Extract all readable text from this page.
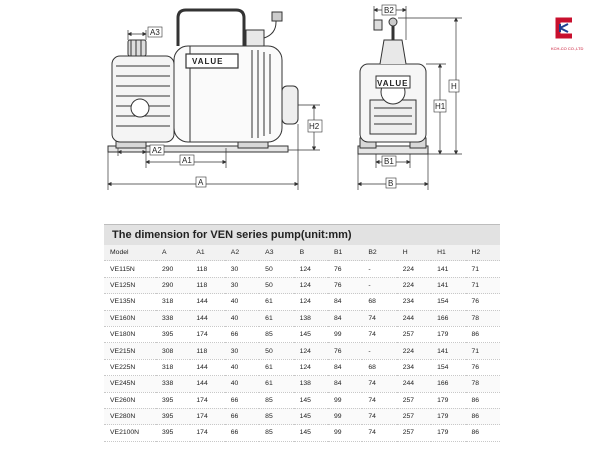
VALUE
A3
A2
A1
A
H2
VALUE
B2
B1
B
H
H1
KCH-CO CO.,LTD
The dimension for VEN series pump(unit:mm)
Model	A	A1	A2	A3	B	B1	B2	H	H1	H2
VE115N	290	118	30	50	124	76	-	224	141	71
VE125N	290	118	30	50	124	76	-	224	141	71
VE135N	318	144	40	61	124	84	68	234	154	76
VE160N	338	144	40	61	138	84	74	244	166	78
VE180N	395	174	66	85	145	99	74	257	179	86
VE215N	308	118	30	50	124	76	-	224	141	71
VE225N	318	144	40	61	124	84	68	234	154	76
VE245N	338	144	40	61	138	84	74	244	166	78
VE260N	395	174	66	85	145	99	74	257	179	86
VE280N	395	174	66	85	145	99	74	257	179	86
VE2100N	395	174	66	85	145	99	74	257	179	86
